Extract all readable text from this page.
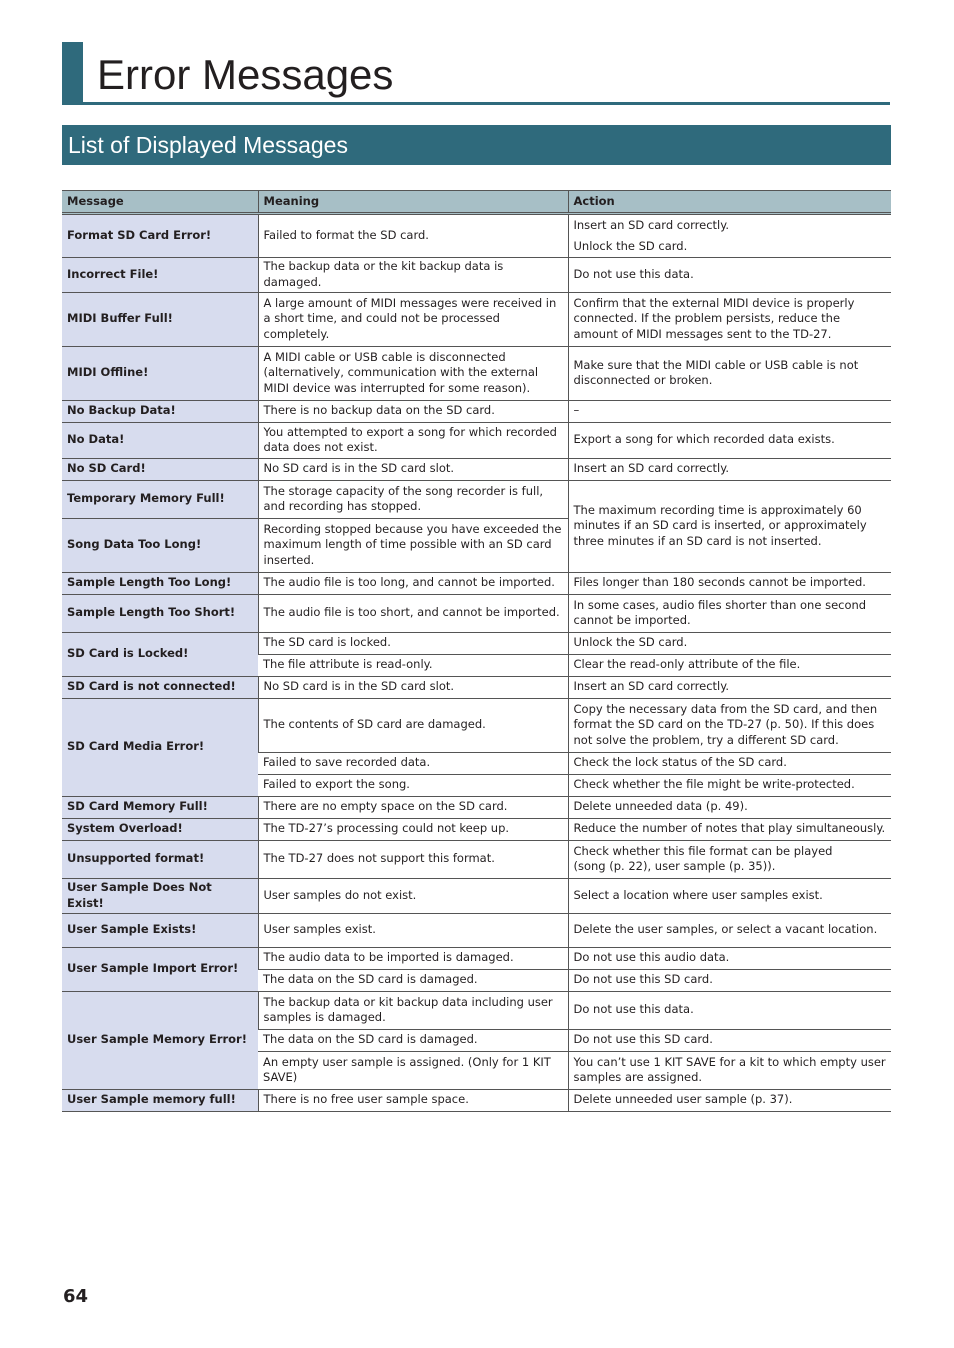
Error Messages
List of Displayed Messages
Message	Meaning	Action
Format SD Card Error!	Failed to format the SD card.	Insert an SD card correctly.
Unlock the SD card.

Incorrect File!	The backup data or the kit backup data is damaged.	Do not use this data.
MIDI Buffer Full!	A large amount of MIDI messages were received in a short time, and could not be processed completely.	Confirm that the external MIDI device is properly connected. If the problem persists, reduce the amount of MIDI messages sent to the TD-27.
MIDI Offline!	A MIDI cable or USB cable is disconnected (alternatively, communication with the external MIDI device was interrupted for some reason).	Make sure that the MIDI cable or USB cable is not disconnected or broken.
No Backup Data!	There is no backup data on the SD card.	–
No Data!	You attempted to export a song for which recorded data does not exist.	Export a song for which recorded data exists.
No SD Card!	No SD card is in the SD card slot.	Insert an SD card correctly.
Temporary Memory Full!	The storage capacity of the song recorder is full, and recording has stopped.	The maximum recording time is approximately 60 minutes if an SD card is inserted, or approximately three minutes if an SD card is not inserted.
Song Data Too Long!	Recording stopped because you have exceeded the maximum length of time possible with an SD card inserted.	
Sample Length Too Long!	The audio file is too long, and cannot be imported.	Files longer than 180 seconds cannot be imported.
Sample Length Too Short!	The audio file is too short, and cannot be imported.	In some cases, audio files shorter than one second cannot be imported.
SD Card is Locked!	The SD card is locked.	Unlock the SD card.
	The file attribute is read-only.	Clear the read-only attribute of the file.
SD Card is not connected!	No SD card is in the SD card slot.	Insert an SD card correctly.
SD Card Media Error!	The contents of SD card are damaged.	Copy the necessary data from the SD card, and then format the SD card on the TD-27 (p. 50). If this does not solve the problem, try a different SD card.
	Failed to save recorded data.	Check the lock status of the SD card.
	Failed to export the song.	Check whether the file might be write-protected.
SD Card Memory Full!	There are no empty space on the SD card.	Delete unneeded data (p. 49).
System Overload!	The TD-27’s processing could not keep up.	Reduce the number of notes that play simultaneously.
Unsupported format!	The TD-27 does not support this format.	Check whether this file format can be played
(song (p. 22), user sample (p. 35)).

User Sample Does Not Exist!	User samples do not exist.	Select a location where user samples exist.
User Sample Exists!	User samples exist.	Delete the user samples, or select a vacant location.
User Sample Import Error!	The audio data to be imported is damaged.	Do not use this audio data.
	The data on the SD card is damaged.	Do not use this SD card.
User Sample Memory Error!	The backup data or kit backup data including user samples is damaged.	Do not use this data.
	The data on the SD card is damaged.	Do not use this SD card.
	An empty user sample is assigned. (Only for 1 KIT SAVE)	You can’t use 1 KIT SAVE for a kit to which empty user samples are assigned.
User Sample memory full!	There is no free user sample space.	Delete unneeded user sample (p. 37).
64
